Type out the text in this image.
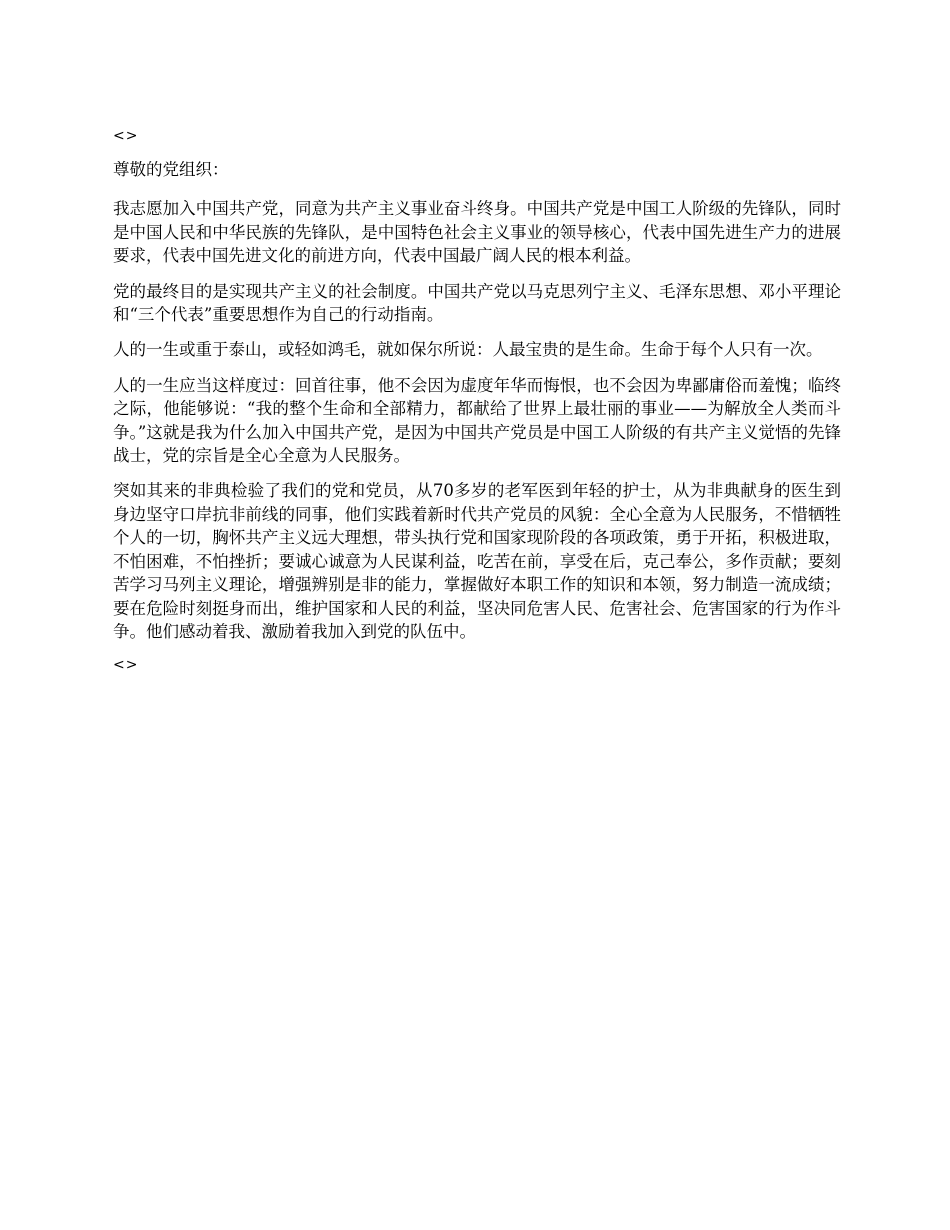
<>

尊敬的党组织：

我志愿加入中国共产党，同意为共产主义事业奋斗终身。中国共产党是中国工人阶级的先锋队，同时是中国人民和中华民族的先锋队，是中国特色社会主义事业的领导核心，代表中国先进生产力的进展要求，代表中国先进文化的前进方向，代表中国最广阔人民的根本利益。

党的最终目的是实现共产主义的社会制度。中国共产党以马克思列宁主义、毛泽东思想、邓小平理论和“三个代表”重要思想作为自己的行动指南。

人的一生或重于泰山，或轻如鸿毛，就如保尔所说：人最宝贵的是生命。生命于每个人只有一次。

人的一生应当这样度过：回首往事，他不会因为虚度年华而悔恨，也不会因为卑鄙庸俗而羞愧；临终之际，他能够说：“我的整个生命和全部精力，都献给了世界上最壮丽的事业——为解放全人类而斗争。”这就是我为什么加入中国共产党，是因为中国共产党员是中国工人阶级的有共产主义觉悟的先锋战士，党的宗旨是全心全意为人民服务。

突如其来的非典检验了我们的党和党员，从70多岁的老军医到年轻的护士，从为非典献身的医生到身边坚守口岸抗非前线的同事，他们实践着新时代共产党员的风貌：全心全意为人民服务，不惜牺牲个人的一切，胸怀共产主义远大理想，带头执行党和国家现阶段的各项政策，勇于开拓，积极进取，不怕困难，不怕挫折；要诚心诚意为人民谋利益，吃苦在前，享受在后，克己奉公，多作贡献；要刻苦学习马列主义理论，增强辨别是非的能力，掌握做好本职工作的知识和本领，努力制造一流成绩；要在危险时刻挺身而出，维护国家和人民的利益，坚决同危害人民、危害社会、危害国家的行为作斗争。他们感动着我、激励着我加入到党的队伍中。

<>
